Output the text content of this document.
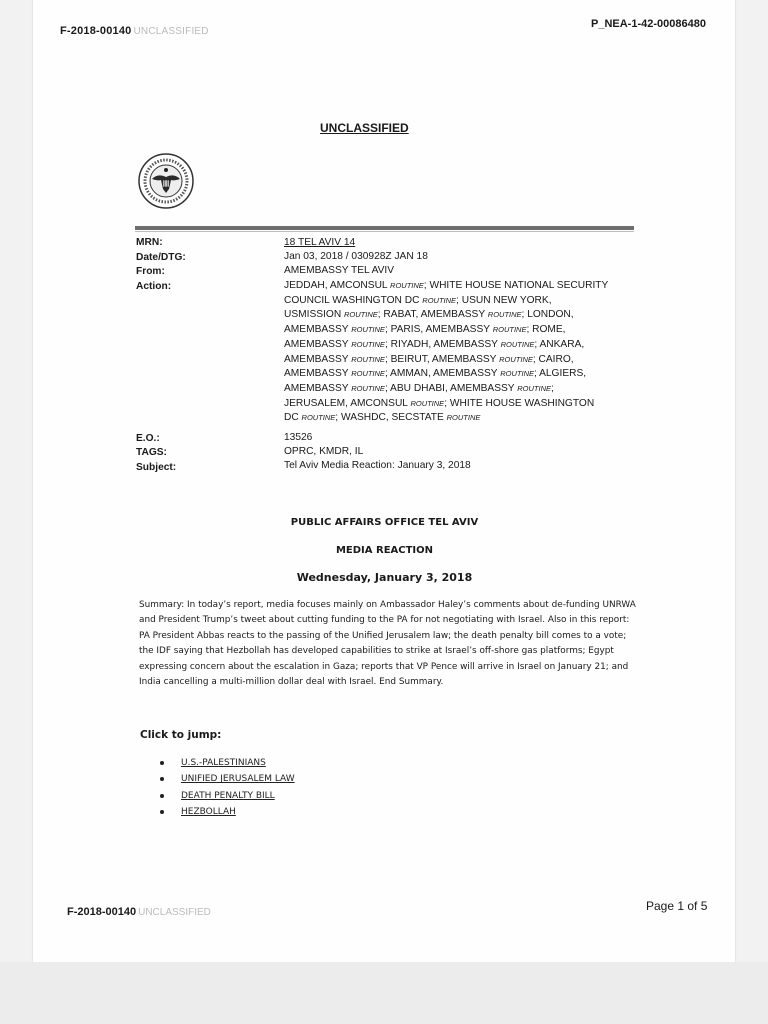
F-2018-00140 UNCLASSIFIED
P_NEA-1-42-00086480
UNCLASSIFIED
MRN:	18 TEL AVIV 14
Date/DTG:	Jan 03, 2018 / 030928Z JAN 18
From:	AMEMBASSY TEL AVIV
Action:	JEDDAH, AMCONSUL ROUTINE; WHITE HOUSE NATIONAL SECURITY
COUNCIL WASHINGTON DC ROUTINE; USUN NEW YORK,
USMISSION ROUTINE; RABAT, AMEMBASSY ROUTINE; LONDON,
AMEMBASSY ROUTINE; PARIS, AMEMBASSY ROUTINE; ROME,
AMEMBASSY ROUTINE; RIYADH, AMEMBASSY ROUTINE; ANKARA,
AMEMBASSY ROUTINE; BEIRUT, AMEMBASSY ROUTINE; CAIRO,
AMEMBASSY ROUTINE; AMMAN, AMEMBASSY ROUTINE; ALGIERS,
AMEMBASSY ROUTINE; ABU DHABI, AMEMBASSY ROUTINE;
JERUSALEM, AMCONSUL ROUTINE; WHITE HOUSE WASHINGTON
DC ROUTINE; WASHDC, SECSTATE ROUTINE
E.O.:	13526
TAGS:	OPRC, KMDR, IL
Subject:	Tel Aviv Media Reaction: January 3, 2018
PUBLIC AFFAIRS OFFICE TEL AVIV
MEDIA REACTION
Wednesday, January 3, 2018
Summary: In today’s report, media focuses mainly on Ambassador Haley’s comments about de-funding UNRWA and President Trump’s tweet about cutting funding to the PA for not negotiating with Israel. Also in this report: PA President Abbas reacts to the passing of the Unified Jerusalem law; the death penalty bill comes to a vote; the IDF saying that Hezbollah has developed capabilities to strike at Israel’s off-shore gas platforms; Egypt expressing concern about the escalation in Gaza; reports that VP Pence will arrive in Israel on January 21; and India cancelling a multi-million dollar deal with Israel. End Summary.
Click to jump:
U.S.-PALESTINIANS
UNIFIED JERUSALEM LAW
DEATH PENALTY BILL
HEZBOLLAH
F-2018-00140 UNCLASSIFIED	Page 1 of 5
